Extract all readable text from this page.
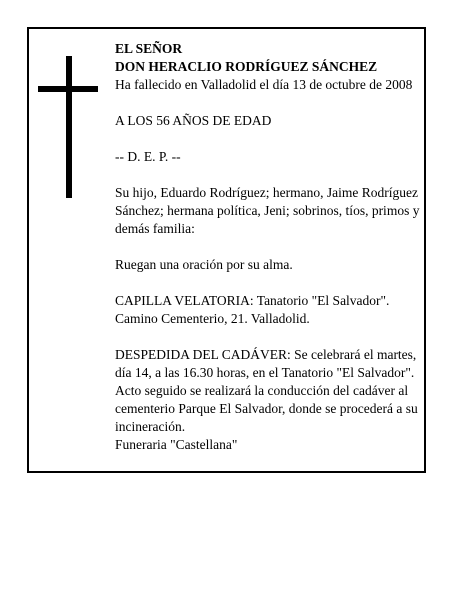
EL SEÑOR

DON HERACLIO RODRÍGUEZ SÁNCHEZ

Ha fallecido en Valladolid el día 13 de octubre de 2008

A LOS 56 AÑOS DE EDAD

-- D. E. P. --

Su hijo, Eduardo Rodríguez; hermano, Jaime Rodríguez Sánchez; hermana política, Jeni; sobrinos, tíos, primos y demás familia:

Ruegan una oración por su alma.

CAPILLA VELATORIA: Tanatorio "El Salvador".

Camino Cementerio, 21. Valladolid.

DESPEDIDA DEL CADÁVER: Se celebrará el martes, día 14, a las 16.30 horas, en el Tanatorio "El Salvador". Acto seguido se realizará la conducción del cadáver al cementerio Parque El Salvador, donde se procederá a su incineración.

Funeraria "Castellana"
